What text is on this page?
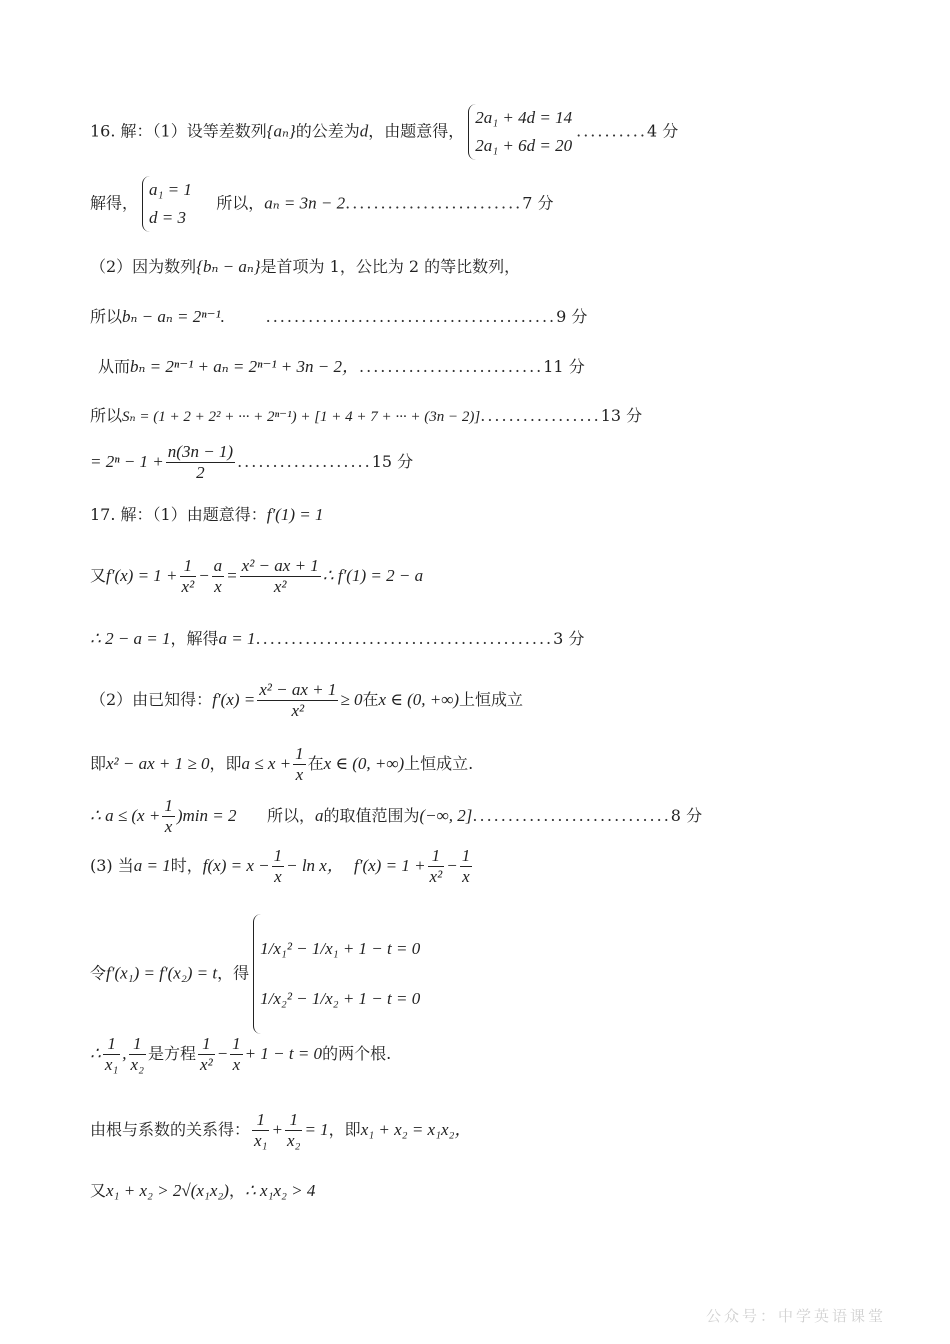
16. 解：（1）设等差数列{aₙ}的公差为d，由题意得，
2a₁ + 4d = 14
2a₁ + 6d = 20
..........4 分
解得，
a₁ = 1
d = 3
所以，aₙ = 3n − 2.........................7 分
（2）因为数列{bₙ − aₙ}是首项为 1，公比为 2 的等比数列，
所以bₙ − aₙ = 2ⁿ⁻¹.	.........................................9 分
从而bₙ = 2ⁿ⁻¹ + aₙ = 2ⁿ⁻¹ + 3n − 2，..........................11 分
所以Sₙ = (1 + 2 + 2² + ··· + 2ⁿ⁻¹) + [1 + 4 + 7 + ··· + (3n − 2)].................13 分
= $2^n - 1 + \frac{n(3n - 1)}{2} ...................15$ 分
17. 解：（1）由题意得：f′(1) = 1
又$f'(x) = 1 + \frac{1}{\text{x²}} - \frac{a}{x} = \frac{\text{x² − ax + 1}}{\text{x²}}$ ∴ f′(1) = 2 − a
∴ 2 − a = 1，解得a = 1..........................................3 分
（2）由已知得：$f'(x) = \frac{\text{x² − ax + 1}}{\text{x²}} \ge 0$在x ∈ (0, +∞)上恒成立
即x² − ax + 1 ≥ 0，即$a \le x + \frac{1}{x}$ 在x ∈ (0, +∞)上恒成立.
∴ $a \le (x + \frac{1}{x} )\min = 2$ 所以，a的取值范围为(−∞, 2]............................8 分
(3) 当a = 1时，$f(x) = x - \frac{1}{x} - \ln x$， $f'(x) = 1 + \frac{1}{\text{x²}} - \frac{1}{x}$
令f′(x₁) = f′(x₂) = t，得
1/x₁² − 1/x₁ + 1 − t = 0
1/x₂² − 1/x₂ + 1 − t = 0
∴ $\frac{1}{\text{x₁}}$ , $\frac{1}{\text{x₂}}$ 是方程 $\frac{1}{\text{x²}} - \frac{1}{x} + 1 - t = 0$的两个根.
由根与系数的关系得： $\frac{1}{\text{x₁}} + \frac{1}{\text{x₂}} = 1$，即x₁ + x₂ = x₁x₂，
又x₁ + x₂ > 2√(x₁x₂)，∴ x₁x₂ > 4
公众号：中学英语课堂
